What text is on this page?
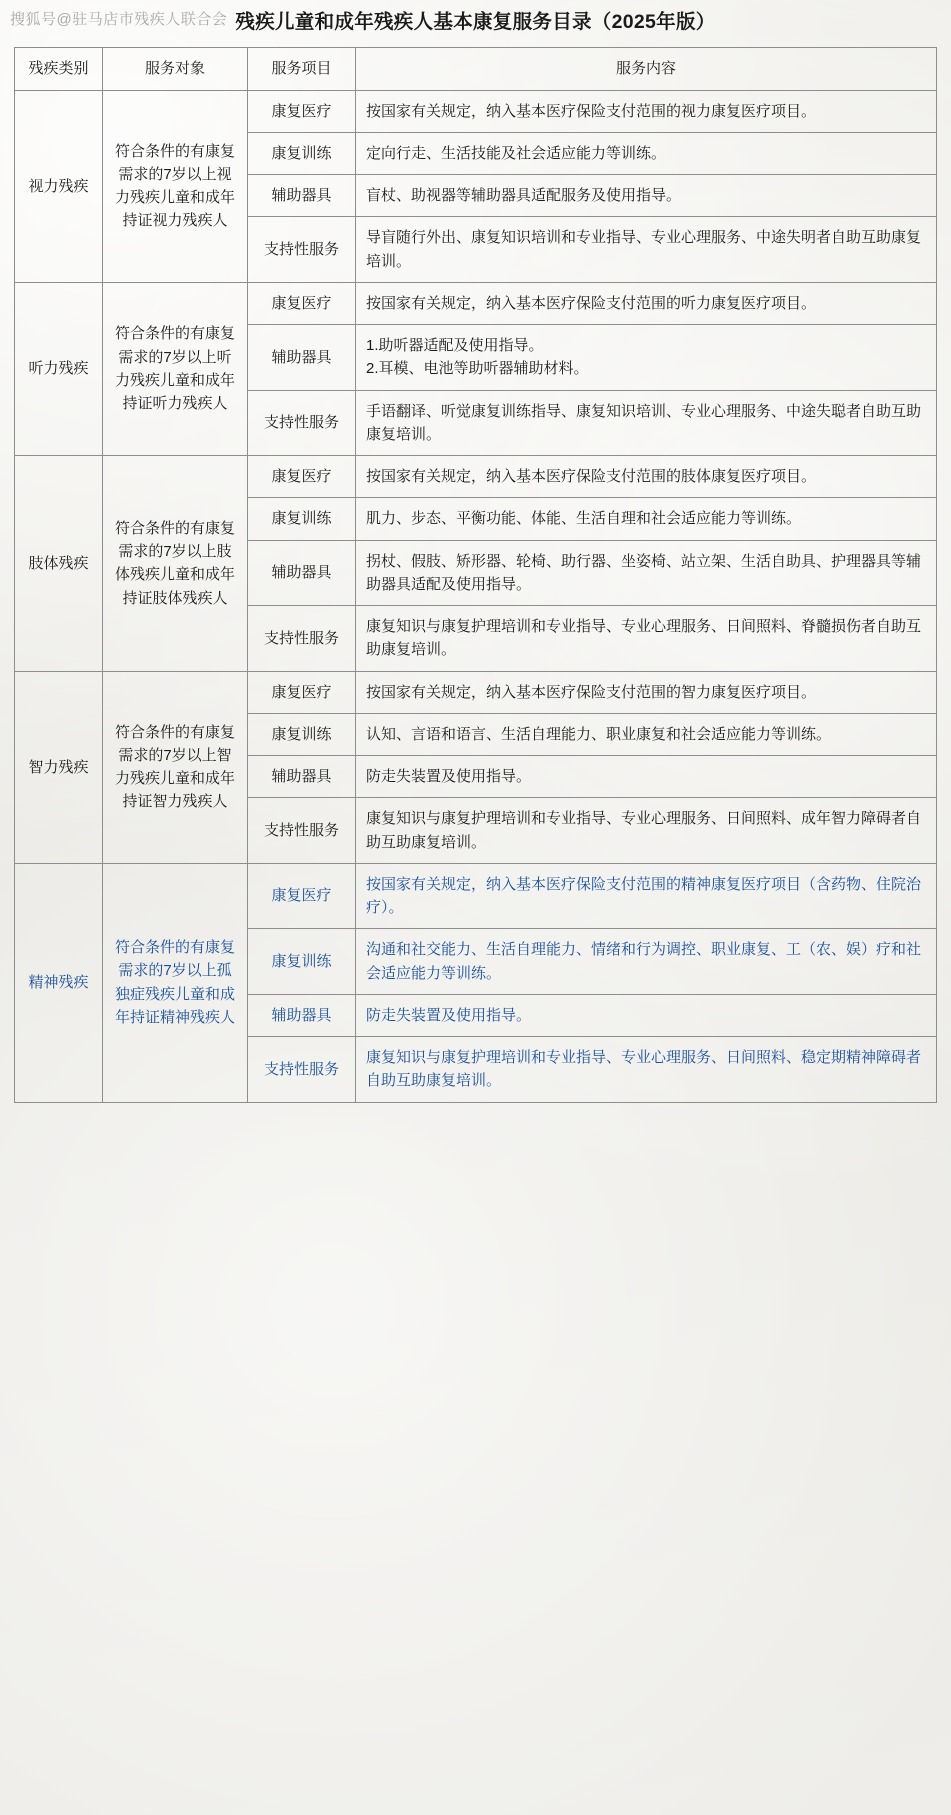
搜狐号@驻马店市残疾人联合会 残疾儿童和成年残疾人基本康复服务目录（2025年版）
残疾类别	服务对象	服务项目	服务内容
视力残疾	符合条件的有康复需求的7岁以上视力残疾儿童和成年持证视力残疾人	康复医疗	按国家有关规定，纳入基本医疗保险支付范围的视力康复医疗项目。

		康复训练	定向行走、生活技能及社会适应能力等训练。

		辅助器具	盲杖、助视器等辅助器具适配服务及使用指导。

		支持性服务	导盲随行外出、康复知识培训和专业指导、专业心理服务、中途失明者自助互助康复培训。

听力残疾	符合条件的有康复需求的7岁以上听力残疾儿童和成年持证听力残疾人	康复医疗	按国家有关规定，纳入基本医疗保险支付范围的听力康复医疗项目。

		辅助器具	1.助听器适配及使用指导。
2.耳模、电池等助听器辅助材料。

		支持性服务	手语翻译、听觉康复训练指导、康复知识培训、专业心理服务、中途失聪者自助互助康复培训。

肢体残疾	符合条件的有康复需求的7岁以上肢体残疾儿童和成年持证肢体残疾人	康复医疗	按国家有关规定，纳入基本医疗保险支付范围的肢体康复医疗项目。

		康复训练	肌力、步态、平衡功能、体能、生活自理和社会适应能力等训练。

		辅助器具	拐杖、假肢、矫形器、轮椅、助行器、坐姿椅、站立架、生活自助具、护理器具等辅助器具适配及使用指导。

		支持性服务	康复知识与康复护理培训和专业指导、专业心理服务、日间照料、脊髓损伤者自助互助康复培训。

智力残疾	符合条件的有康复需求的7岁以上智力残疾儿童和成年持证智力残疾人	康复医疗	按国家有关规定，纳入基本医疗保险支付范围的智力康复医疗项目。

		康复训练	认知、言语和语言、生活自理能力、职业康复和社会适应能力等训练。

		辅助器具	防走失装置及使用指导。

		支持性服务	康复知识与康复护理培训和专业指导、专业心理服务、日间照料、成年智力障碍者自助互助康复培训。

精神残疾	符合条件的有康复需求的7岁以上孤独症残疾儿童和成年持证精神残疾人	康复医疗	按国家有关规定，纳入基本医疗保险支付范围的精神康复医疗项目（含药物、住院治疗）。

		康复训练	沟通和社交能力、生活自理能力、情绪和行为调控、职业康复、工（农、娱）疗和社会适应能力等训练。

		辅助器具	防走失装置及使用指导。

		支持性服务	康复知识与康复护理培训和专业指导、专业心理服务、日间照料、稳定期精神障碍者自助互助康复培训。
